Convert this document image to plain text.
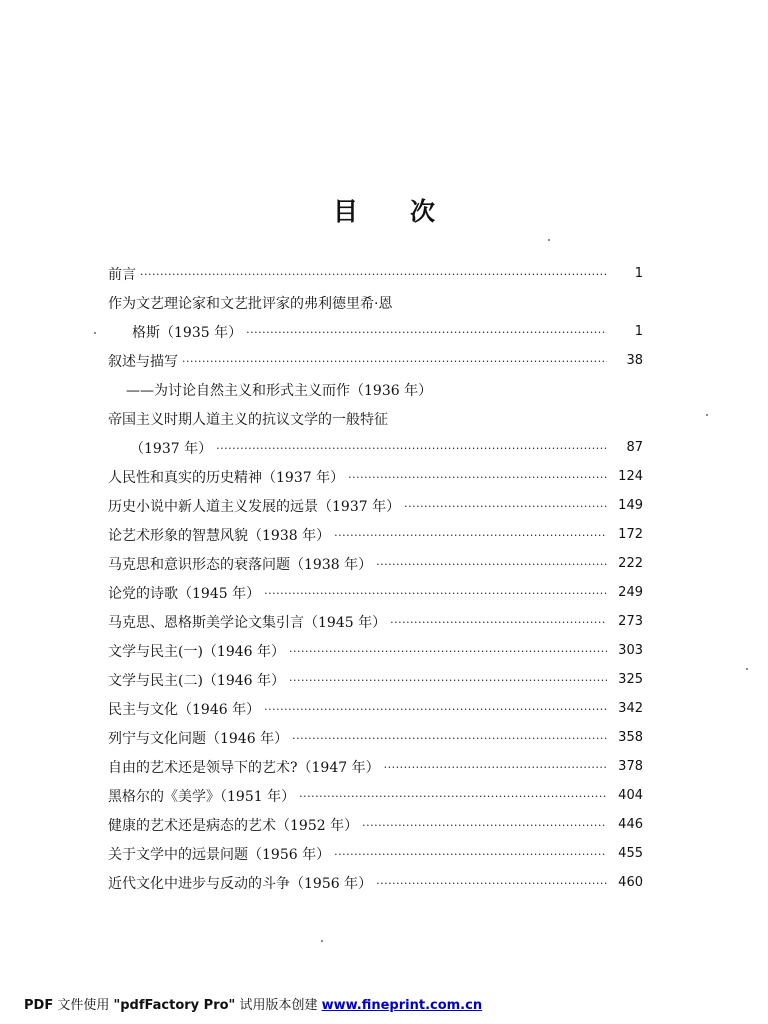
目 次
前言 ·····	1
作为文艺理论家和文艺批评家的弗利德里希·恩
格斯（1935 年） ·····	1
叙述与描写 ·····	38
——为讨论自然主义和形式主义而作（1936 年）
帝国主义时期人道主义的抗议文学的一般特征
（1937 年） ·····	87
人民性和真实的历史精神（1937 年） ·····	124
历史小说中新人道主义发展的远景（1937 年） ·····	149
论艺术形象的智慧风貌（1938 年） ·····	172
马克思和意识形态的衰落问题（1938 年） ·····	222
论党的诗歌（1945 年） ·····	249
马克思、恩格斯美学论文集引言（1945 年） ·····	273
文学与民主(一)（1946 年） ·····	303
文学与民主(二)（1946 年） ·····	325
民主与文化（1946 年） ·····	342
列宁与文化问题（1946 年） ·····	358
自由的艺术还是领导下的艺术?（1947 年） ·····	378
黑格尔的《美学》（1951 年） ·····	404
健康的艺术还是病态的艺术（1952 年） ·····	446
关于文学中的远景问题（1956 年） ·····	455
近代文化中进步与反动的斗争（1956 年） ·····	460
PDF 文件使用 "pdfFactory Pro" 试用版本创建 www.fineprint.com.cn
